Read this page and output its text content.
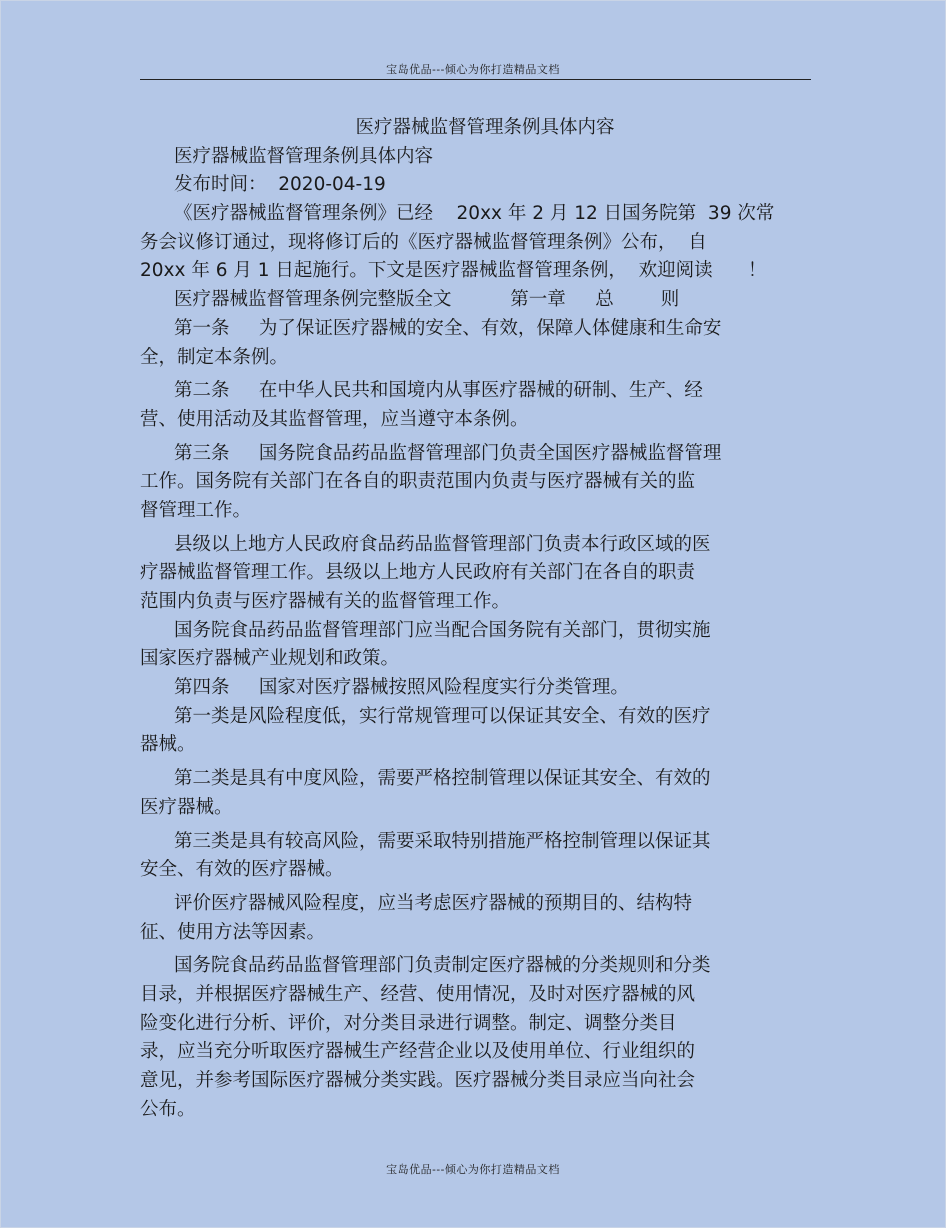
宝岛优品---倾心为你打造精品文档
医疗器械监督管理条例具体内容
医疗器械监督管理条例具体内容
发布时间：  2020-04-19
《医疗器械监督管理条例》已经    20xx 年 2 月 12 日国务院第  39 次常
务会议修订通过，现将修订后的《医疗器械监督管理条例》公布，  自
20xx 年 6 月 1 日起施行。下文是医疗器械监督管理条例，  欢迎阅读      ！
医疗器械监督管理条例完整版全文          第一章     总        则
第一条     为了保证医疗器械的安全、有效，保障人体健康和生命安
全，制定本条例。
第二条     在中华人民共和国境内从事医疗器械的研制、生产、经
营、使用活动及其监督管理，应当遵守本条例。
第三条     国务院食品药品监督管理部门负责全国医疗器械监督管理
工作。国务院有关部门在各自的职责范围内负责与医疗器械有关的监
督管理工作。
县级以上地方人民政府食品药品监督管理部门负责本行政区域的医
疗器械监督管理工作。县级以上地方人民政府有关部门在各自的职责
范围内负责与医疗器械有关的监督管理工作。
国务院食品药品监督管理部门应当配合国务院有关部门，贯彻实施
国家医疗器械产业规划和政策。
第四条     国家对医疗器械按照风险程度实行分类管理。
第一类是风险程度低，实行常规管理可以保证其安全、有效的医疗
器械。
第二类是具有中度风险，需要严格控制管理以保证其安全、有效的
医疗器械。
第三类是具有较高风险，需要采取特别措施严格控制管理以保证其
安全、有效的医疗器械。
评价医疗器械风险程度，应当考虑医疗器械的预期目的、结构特
征、使用方法等因素。
国务院食品药品监督管理部门负责制定医疗器械的分类规则和分类
目录，并根据医疗器械生产、经营、使用情况，及时对医疗器械的风
险变化进行分析、评价，对分类目录进行调整。制定、调整分类目
录，应当充分听取医疗器械生产经营企业以及使用单位、行业组织的
意见，并参考国际医疗器械分类实践。医疗器械分类目录应当向社会
公布。
宝岛优品---倾心为你打造精品文档
